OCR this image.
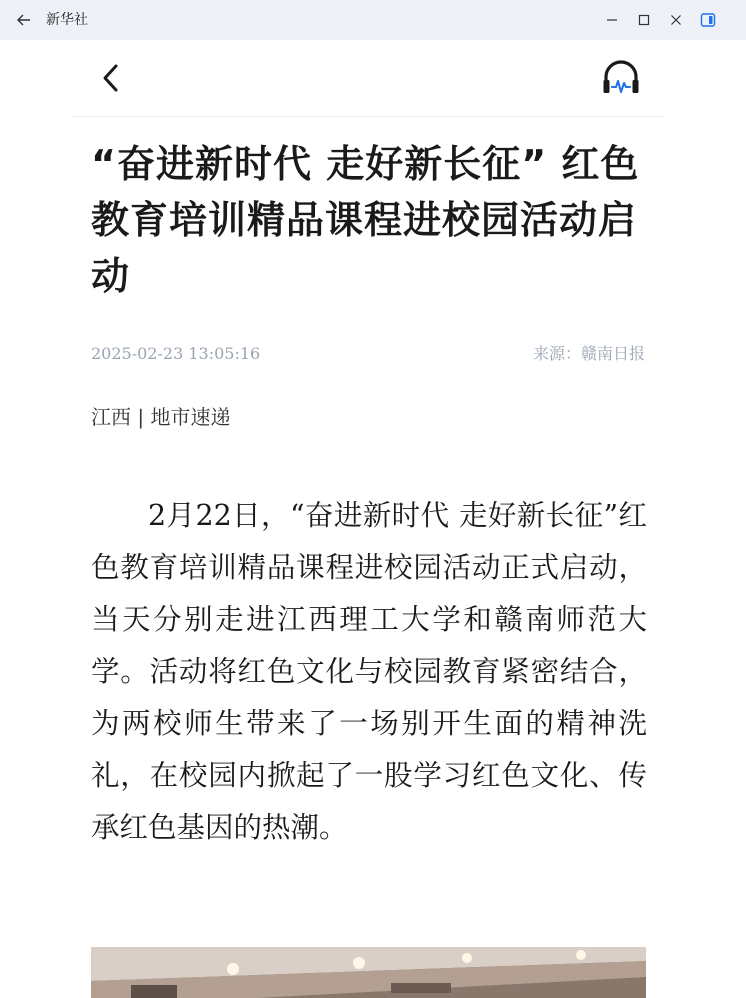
新华社
“奋进新时代 走好新长征” 红色教育培训精品课程进校园活动启动
2025-02-23 13:05:16	来源：赣南日报
江西 | 地市速递

2月22日，“奋进新时代 走好新长征”红色教育培训精品课程进校园活动正式启动，当天分别走进江西理工大学和赣南师范大学。活动将红色文化与校园教育紧密结合，为两校师生带来了一场别开生面的精神洗礼，在校园内掀起了一股学习红色文化、传承红色基因的热潮。
